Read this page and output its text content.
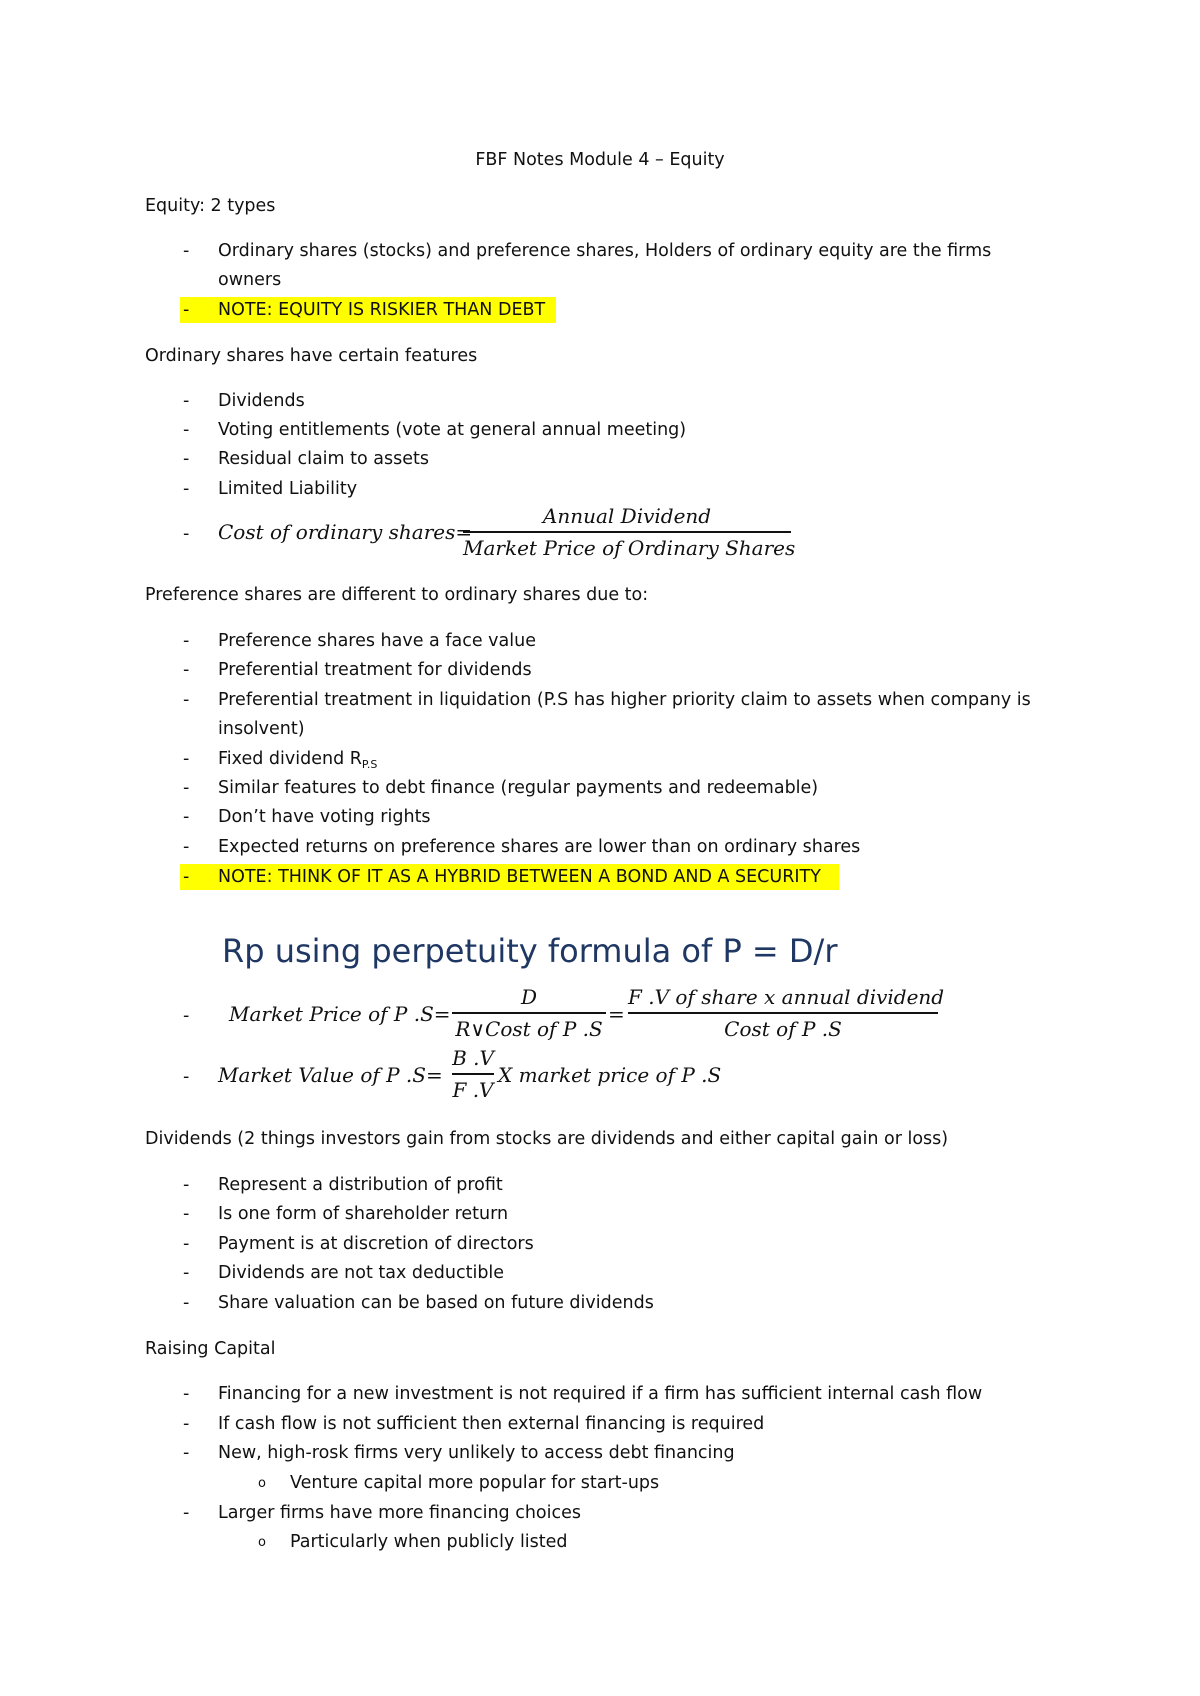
FBF Notes Module 4 – Equity
Equity: 2 types
-	Ordinary shares (stocks) and preference shares, Holders of ordinary equity are the firms
owners
-	NOTE: EQUITY IS RISKIER THAN DEBT
Ordinary shares have certain features
-	Dividends
-	Voting entitlements (vote at general annual meeting)
-	Residual claim to assets
-	Limited Liability
-	Cost of ordinary shares=
Annual Dividend
Market Price of Ordinary Shares
Preference shares are different to ordinary shares due to:
-	Preference shares have a face value
-	Preferential treatment for dividends
-	Preferential treatment in liquidation (P.S has higher priority claim to assets when company is
insolvent)
-	Fixed dividend $R_{P.S}$
-	Similar features to debt finance (regular payments and redeemable)
-	Don’t have voting rights
-	Expected returns on preference shares are lower than on ordinary shares
-	NOTE: THINK OF IT AS A HYBRID BETWEEN A BOND AND A SECURITY
Rp using perpetuity formula of P = D/r
-	Market Price of P .S=
D
R∨Cost of P .S
=
F .V of share x annual dividend
Cost of P .S
-	Market Value of P .S=
B .V
F .V
X market price of P .S
Dividends (2 things investors gain from stocks are dividends and either capital gain or loss)
-	Represent a distribution of profit
-	Is one form of shareholder return
-	Payment is at discretion of directors
-	Dividends are not tax deductible
-	Share valuation can be based on future dividends
Raising Capital
-	Financing for a new investment is not required if a firm has sufficient internal cash flow
-	If cash flow is not sufficient then external financing is required
-	New, high-rosk firms very unlikely to access debt financing
o Venture capital more popular for start-ups
-	Larger firms have more financing choices
o Particularly when publicly listed
